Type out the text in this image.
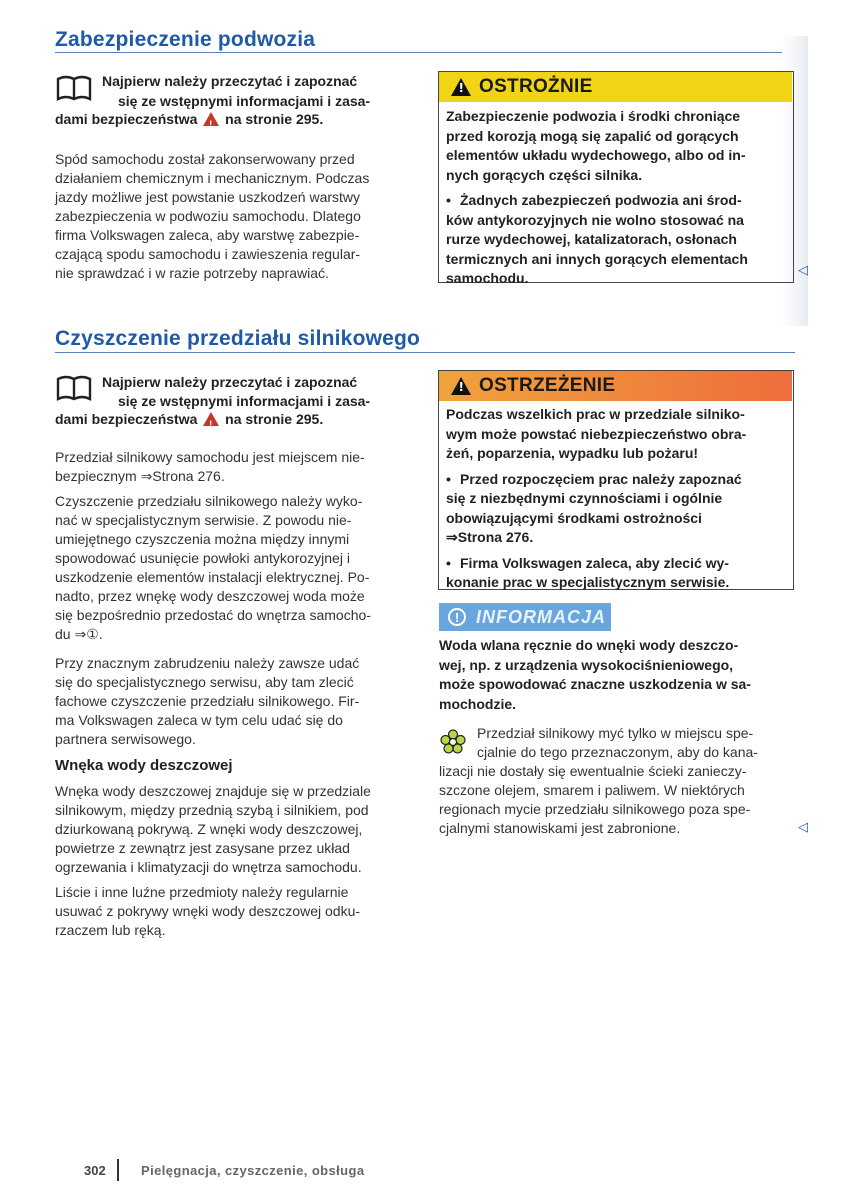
Zabezpieczenie podwozia
Najpierw należy przeczytać i zapoznać
się ze wstępnymi informacjami i zasa-
dami bezpieczeństwa ! na stronie 295.
Spód samochodu został zakonserwowany przed
działaniem chemicznym i mechanicznym. Podczas
jazdy możliwe jest powstanie uszkodzeń warstwy
zabezpieczenia w podwoziu samochodu. Dlatego
firma Volkswagen zaleca, aby warstwę zabezpie-
czającą spodu samochodu i zawieszenia regular-
nie sprawdzać i w razie potrzeby naprawiać.
!
OSTROŻNIE
Zabezpieczenie podwozia i środki chroniące
przed korozją mogą się zapalić od gorących
elementów układu wydechowego, albo od in-
nych gorących części silnika.
• Żadnych zabezpieczeń podwozia ani środ-
ków antykorozyjnych nie wolno stosować na
rurze wydechowej, katalizatorach, osłonach
termicznych ani innych gorących elementach
samochodu.
◁
Czyszczenie przedziału silnikowego
Najpierw należy przeczytać i zapoznać
się ze wstępnymi informacjami i zasa-
dami bezpieczeństwa ! na stronie 295.
Przedział silnikowy samochodu jest miejscem nie-
bezpiecznym ⇒Strona 276.
Czyszczenie przedziału silnikowego należy wyko-
nać w specjalistycznym serwisie. Z powodu nie-
umiejętnego czyszczenia można między innymi
spowodować usunięcie powłoki antykorozyjnej i
uszkodzenie elementów instalacji elektrycznej. Po-
nadto, przez wnękę wody deszczowej woda może
się bezpośrednio przedostać do wnętrza samocho-
du ⇒①.
Przy znacznym zabrudzeniu należy zawsze udać
się do specjalistycznego serwisu, aby tam zlecić
fachowe czyszczenie przedziału silnikowego. Fir-
ma Volkswagen zaleca w tym celu udać się do
partnera serwisowego.
Wnęka wody deszczowej
Wnęka wody deszczowej znajduje się w przedziale
silnikowym, między przednią szybą i silnikiem, pod
dziurkowaną pokrywą. Z wnęki wody deszczowej,
powietrze z zewnątrz jest zasysane przez układ
ogrzewania i klimatyzacji do wnętrza samochodu.
Liście i inne luźne przedmioty należy regularnie
usuwać z pokrywy wnęki wody deszczowej odku-
rzaczem lub ręką.
!
OSTRZEŻENIE
Podczas wszelkich prac w przedziale silniko-
wym może powstać niebezpieczeństwo obra-
żeń, poparzenia, wypadku lub pożaru!
• Przed rozpoczęciem prac należy zapoznać
się z niezbędnymi czynnościami i ogólnie
obowiązującymi środkami ostrożności
⇒Strona 276.
• Firma Volkswagen zaleca, aby zlecić wy-
konanie prac w specjalistycznym serwisie.
! INFORMACJA
Woda wlana ręcznie do wnęki wody deszczo-
wej, np. z urządzenia wysokociśnieniowego,
może spowodować znaczne uszkodzenia w sa-
mochodzie.
Przedział silnikowy myć tylko w miejscu spe-
cjalnie do tego przeznaczonym, aby do kana-
lizacji nie dostały się ewentualnie ścieki zanieczy-
szczone olejem, smarem i paliwem. W niektórych
regionach mycie przedziału silnikowego poza spe-
cjalnymi stanowiskami jest zabronione.	◁
302	Pielęgnacja, czyszczenie, obsługa
